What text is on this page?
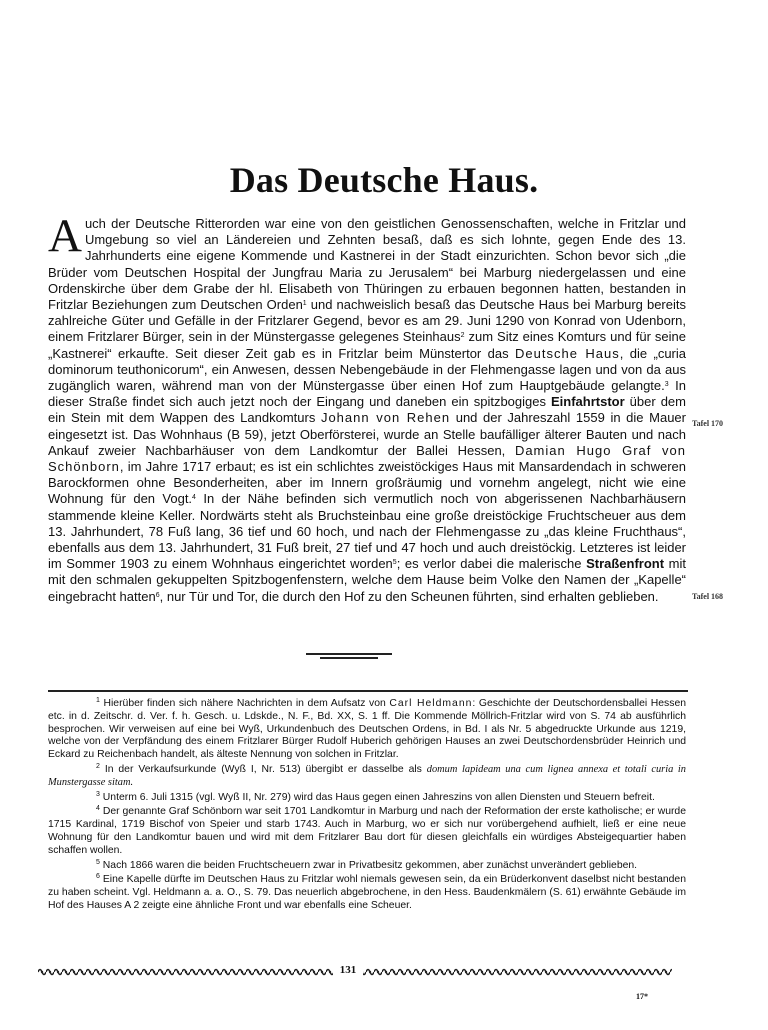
Das Deutsche Haus.

Auch der Deutsche Ritterorden war eine von den geistlichen Genossenschaften, welche in Fritzlar und Umgebung so viel an Ländereien und Zehnten besaß, daß es sich lohnte, gegen Ende des 13. Jahrhunderts eine eigene Kommende und Kastnerei in der Stadt einzurichten. Schon bevor sich „die Brüder vom Deutschen Hospital der Jungfrau Maria zu Jerusalem“ bei Marburg niedergelassen und eine Ordenskirche über dem Grabe der hl. Elisabeth von Thüringen zu erbauen begonnen hatten, bestanden in Fritzlar Beziehungen zum Deutschen Orden$^1$ und nachweislich besaß das Deutsche Haus bei Marburg bereits zahlreiche Güter und Gefälle in der Fritzlarer Gegend, bevor es am 29. Juni 1290 von Konrad von Udenborn, einem Fritzlarer Bürger, sein in der Münstergasse gelegenes Steinhaus$^2$ zum Sitz eines Komturs und für seine „Kastnerei“ erkaufte. Seit dieser Zeit gab es in Fritzlar beim Münstertor das Deutsche Haus, die „curia dominorum teuthonicorum“, ein Anwesen, dessen Nebengebäude in der Flehmengasse lagen und von da aus zugänglich waren, während man von der Münstergasse über einen Hof zum Hauptgebäude gelangte.$^3$ In dieser Straße findet sich auch jetzt noch der Eingang und daneben ein spitzbogiges Einfahrtstor über dem ein Stein mit dem Wappen des Landkomturs Johann von Rehen und der Jahreszahl 1559 in die Mauer eingesetzt ist. Das Wohnhaus (B 59), jetzt Oberförsterei, wurde an Stelle baufälliger älterer Bauten und nach Ankauf zweier Nachbarhäuser von dem Landkomtur der Ballei Hessen, Damian Hugo Graf von Schönborn, im Jahre 1717 erbaut; es ist ein schlichtes zweistöckiges Haus mit Mansardendach in schweren Barockformen ohne Besonderheiten, aber im Innern großräumig und vornehm angelegt, nicht wie eine Wohnung für den Vogt.$^4$ In der Nähe befinden sich vermutlich noch von abgerissenen Nachbarhäusern stammende kleine Keller. Nordwärts steht als Bruchsteinbau eine große dreistöckige Fruchtscheuer aus dem 13. Jahrhundert, 78 Fuß lang, 36 tief und 60 hoch, und nach der Flehmengasse zu „das kleine Fruchthaus“, ebenfalls aus dem 13. Jahrhundert, 31 Fuß breit, 27 tief und 47 hoch und auch dreistöckig. Letzteres ist leider im Sommer 1903 zu einem Wohnhaus eingerichtet worden$^5$; es verlor dabei die malerische Straßenfront mit mit den schmalen gekuppelten Spitzbogenfenstern, welche dem Hause beim Volke den Namen der „Kapelle“ eingebracht hatten$^6$, nur Tür und Tor, die durch den Hof zu den Scheunen führten, sind erhalten geblieben.

Tafel 170
Tafel 168

$^1$ Hierüber finden sich nähere Nachrichten in dem Aufsatz von Carl Heldmann: Geschichte der Deutschordensballei Hessen etc. in d. Zeitschr. d. Ver. f. h. Gesch. u. Ldskde., N. F., Bd. XX, S. 1 ff. Die Kommende Möllrich-Fritzlar wird von S. 74 ab ausführlich besprochen. Wir verweisen auf eine bei Wyß, Urkundenbuch des Deutschen Ordens, in Bd. I als Nr. 5 abgedruckte Urkunde aus 1219, welche von der Verpfändung des einem Fritzlarer Bürger Rudolf Huberich gehörigen Hauses an zwei Deutschordensbrüder Heinrich und Eckard zu Reichenbach handelt, als älteste Nennung von solchen in Fritzlar.

$^2$ In der Verkaufsurkunde (Wyß I, Nr. 513) übergibt er dasselbe als domum lapideam una cum lignea annexa et totali curia in Munstergasse sitam.

$^3$ Unterm 6. Juli 1315 (vgl. Wyß II, Nr. 279) wird das Haus gegen einen Jahreszins von allen Diensten und Steuern befreit.

$^4$ Der genannte Graf Schönborn war seit 1701 Landkomtur in Marburg und nach der Reformation der erste katholische; er wurde 1715 Kardinal, 1719 Bischof von Speier und starb 1743. Auch in Marburg, wo er sich nur vorübergehend aufhielt, ließ er eine neue Wohnung für den Landkomtur bauen und wird mit dem Fritzlarer Bau dort für diesen gleichfalls ein würdiges Absteigequartier haben schaffen wollen.

$^5$ Nach 1866 waren die beiden Fruchtscheuern zwar in Privatbesitz gekommen, aber zunächst unverändert geblieben.

$^6$ Eine Kapelle dürfte im Deutschen Haus zu Fritzlar wohl niemals gewesen sein, da ein Brüderkonvent daselbst nicht bestanden zu haben scheint. Vgl. Heldmann a. a. O., S. 79. Das neuerlich abgebrochene, in den Hess. Baudenkmälern (S. 61) erwähnte Gebäude im Hof des Hauses A 2 zeigte eine ähnliche Front und war ebenfalls eine Scheuer.

131
17*
